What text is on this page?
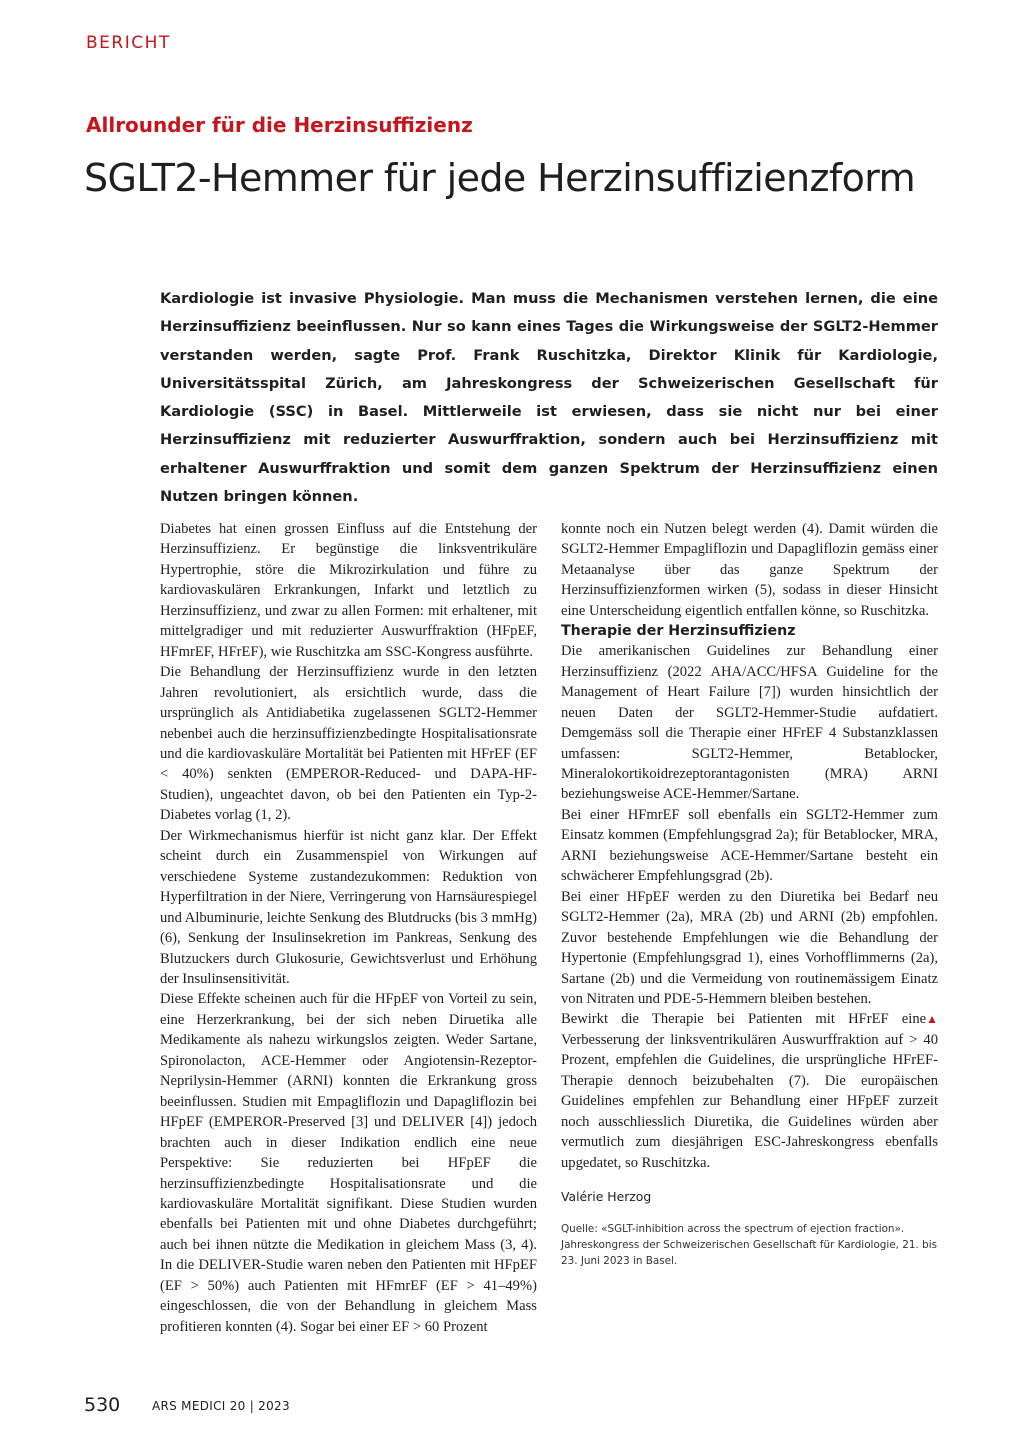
BERICHT
Allrounder für die Herzinsuffizienz
SGLT2-Hemmer für jede Herzinsuffizienzform

Kardiologie ist invasive Physiologie. Man muss die Mechanismen verstehen lernen, die eine Herzinsuffizienz beeinflussen. Nur so kann eines Tages die Wirkungsweise der SGLT2-Hemmer verstanden werden, sagte Prof. Frank Ruschitzka, Direktor Klinik für Kardiologie, Universitätsspital Zürich, am Jahreskongress der Schweizerischen Gesellschaft für Kardiologie (SSC) in Basel. Mittlerweile ist erwiesen, dass sie nicht nur bei einer Herzinsuffizienz mit reduzierter Auswurffraktion, sondern auch bei Herzinsuffizienz mit erhaltener Auswurffraktion und somit dem ganzen Spektrum der Herzinsuffizienz einen Nutzen bringen können.

Diabetes hat einen grossen Einfluss auf die Entstehung der Herzinsuffizienz. Er begünstige die linksventrikuläre Hypertrophie, störe die Mikrozirkulation und führe zu kardiovaskulären Erkrankungen, Infarkt und letztlich zu Herzinsuffizienz, und zwar zu allen Formen: mit erhaltener, mit mittelgradiger und mit reduzierter Auswurffraktion (HFpEF, HFmrEF, HFrEF), wie Ruschitzka am SSC-Kongress ausführte.

Die Behandlung der Herzinsuffizienz wurde in den letzten Jahren revolutioniert, als ersichtlich wurde, dass die ursprünglich als Antidiabetika zugelassenen SGLT2-Hemmer nebenbei auch die herzinsuffizienzbedingte Hospitalisationsrate und die kardiovaskuläre Mortalität bei Patienten mit HFrEF (EF < 40%) senkten (EMPEROR-Reduced- und DAPA-HF-Studien), ungeachtet davon, ob bei den Patienten ein Typ-2-Diabetes vorlag (1, 2).

Der Wirkmechanismus hierfür ist nicht ganz klar. Der Effekt scheint durch ein Zusammenspiel von Wirkungen auf verschiedene Systeme zustandezukommen: Reduktion von Hyperfiltration in der Niere, Verringerung von Harnsäurespiegel und Albuminurie, leichte Senkung des Blutdrucks (bis 3 mmHg) (6), Senkung der Insulinsekretion im Pankreas, Senkung des Blutzuckers durch Glukosurie, Gewichtsverlust und Erhöhung der Insulinsensitivität.

Diese Effekte scheinen auch für die HFpEF von Vorteil zu sein, eine Herzerkrankung, bei der sich neben Diruetika alle Medikamente als nahezu wirkungslos zeigten. Weder Sartane, Spironolacton, ACE-Hemmer oder Angiotensin-Rezeptor-Neprilysin-Hemmer (ARNI) konnten die Erkrankung gross beeinflussen. Studien mit Empagliflozin und Dapagliflozin bei HFpEF (EMPEROR-Preserved [3] und DELIVER [4]) jedoch brachten auch in dieser Indikation endlich eine neue Perspektive: Sie reduzierten bei HFpEF die herzinsuffizienzbedingte Hospitalisationsrate und die kardiovaskuläre Mortalität signifikant. Diese Studien wurden ebenfalls bei Patienten mit und ohne Diabetes durchgeführt; auch bei ihnen nützte die Medikation in gleichem Mass (3, 4). In die DELIVER-Studie waren neben den Patienten mit HFpEF (EF > 50%) auch Patienten mit HFmrEF (EF > 41–49%) eingeschlossen, die von der Behandlung in gleichem Mass profitieren konnten (4). Sogar bei einer EF > 60 Prozent

konnte noch ein Nutzen belegt werden (4). Damit würden die SGLT2-Hemmer Empagliflozin und Dapagliflozin gemäss einer Metaanalyse über das ganze Spektrum der Herzinsuffizienzformen wirken (5), sodass in dieser Hinsicht eine Unterscheidung eigentlich entfallen könne, so Ruschitzka.

Therapie der Herzinsuffizienz

Die amerikanischen Guidelines zur Behandlung einer Herzinsuffizienz (2022 AHA/ACC/HFSA Guideline for the Management of Heart Failure [7]) wurden hinsichtlich der neuen Daten der SGLT2-Hemmer-Studie aufdatiert. Demgemäss soll die Therapie einer HFrEF 4 Substanzklassen umfassen: SGLT2-Hemmer, Betablocker, Mineralokortikoidrezeptorantagonisten (MRA) ARNI beziehungsweise ACE-Hemmer/Sartane.

Bei einer HFmrEF soll ebenfalls ein SGLT2-Hemmer zum Einsatz kommen (Empfehlungsgrad 2a); für Betablocker, MRA, ARNI beziehungsweise ACE-Hemmer/Sartane besteht ein schwächerer Empfehlungsgrad (2b).

Bei einer HFpEF werden zu den Diuretika bei Bedarf neu SGLT2-Hemmer (2a), MRA (2b) und ARNI (2b) empfohlen. Zuvor bestehende Empfehlungen wie die Behandlung der Hypertonie (Empfehlungsgrad 1), eines Vorhofflimmerns (2a), Sartane (2b) und die Vermeidung von routinemässigem Einatz von Nitraten und PDE-5-Hemmern bleiben bestehen.

▲
Bewirkt die Therapie bei Patienten mit HFrEF eine Verbesserung der linksventrikulären Auswurffraktion auf > 40 Prozent, empfehlen die Guidelines, die ursprüngliche HFrEF-Therapie dennoch beizubehalten (7). Die europäischen Guidelines empfehlen zur Behandlung einer HFpEF zurzeit noch ausschliesslich Diuretika, die Guidelines würden aber vermutlich zum diesjährigen ESC-Jahreskongress ebenfalls upgedatet, so Ruschitzka.

Valérie Herzog

Quelle: «SGLT-inhibition across the spectrum of ejection fraction». Jahreskongress der Schweizerischen Gesellschaft für Kardiologie, 21. bis 23. Juni 2023 in Basel.

530	ARS MEDICI 20 | 2023
